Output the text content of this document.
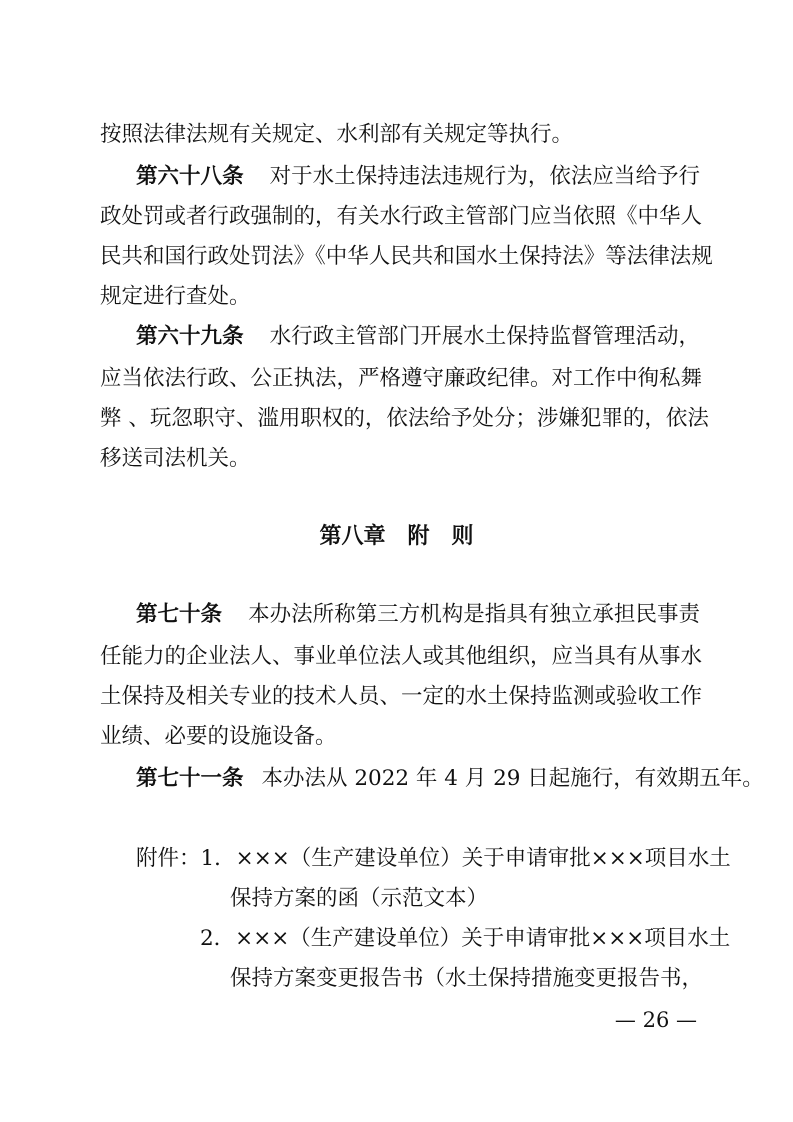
按照法律法规有关规定、水利部有关规定等执行。
第六十八条 对于水土保持违法违规行为，依法应当给予行
政处罚或者行政强制的，有关水行政主管部门应当依照《中华人
民共和国行政处罚法》《中华人民共和国水土保持法》等法律法规
规定进行查处。
第六十九条 水行政主管部门开展水土保持监督管理活动，
应当依法行政、公正执法，严格遵守廉政纪律。对工作中徇私舞
弊 、玩忽职守、滥用职权的，依法给予处分；涉嫌犯罪的，依法
移送司法机关。
第八章　附　则
第七十条 本办法所称第三方机构是指具有独立承担民事责
任能力的企业法人、事业单位法人或其他组织，应当具有从事水
土保持及相关专业的技术人员、一定的水土保持监测或验收工作
业绩、必要的设施设备。
第七十一条 本办法从 2022 年 4 月 29 日起施行，有效期五年。
附件：1．×××（生产建设单位）关于申请审批×××项目水土
保持方案的函（示范文本）
2．×××（生产建设单位）关于申请审批×××项目水土
保持方案变更报告书（水土保持措施变更报告书，
— 26 —
